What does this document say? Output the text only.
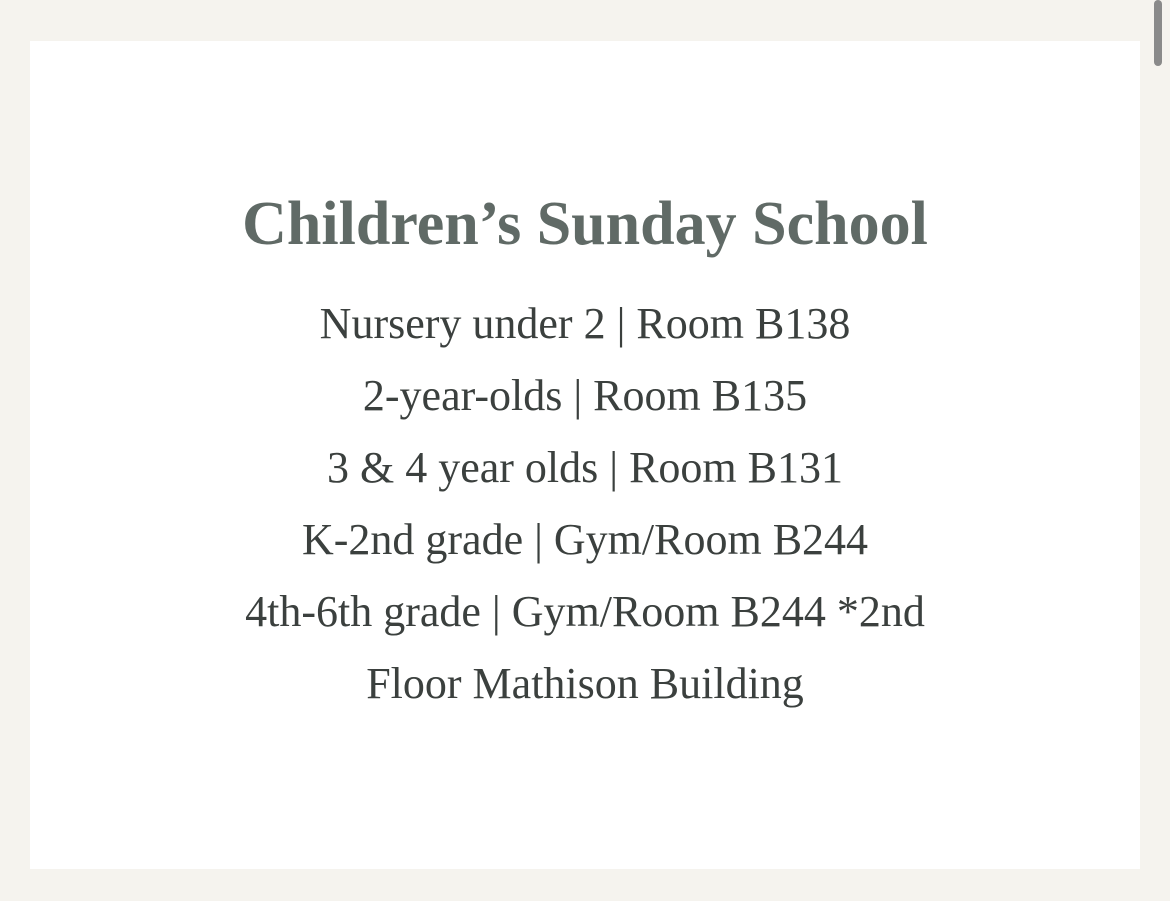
Children’s Sunday School
Nursery under 2 | Room B138
2-year-olds | Room B135
3 & 4 year olds | Room B131
K-2nd grade | Gym/Room B244
4th-6th grade | Gym/Room B244 *2nd
Floor Mathison Building
